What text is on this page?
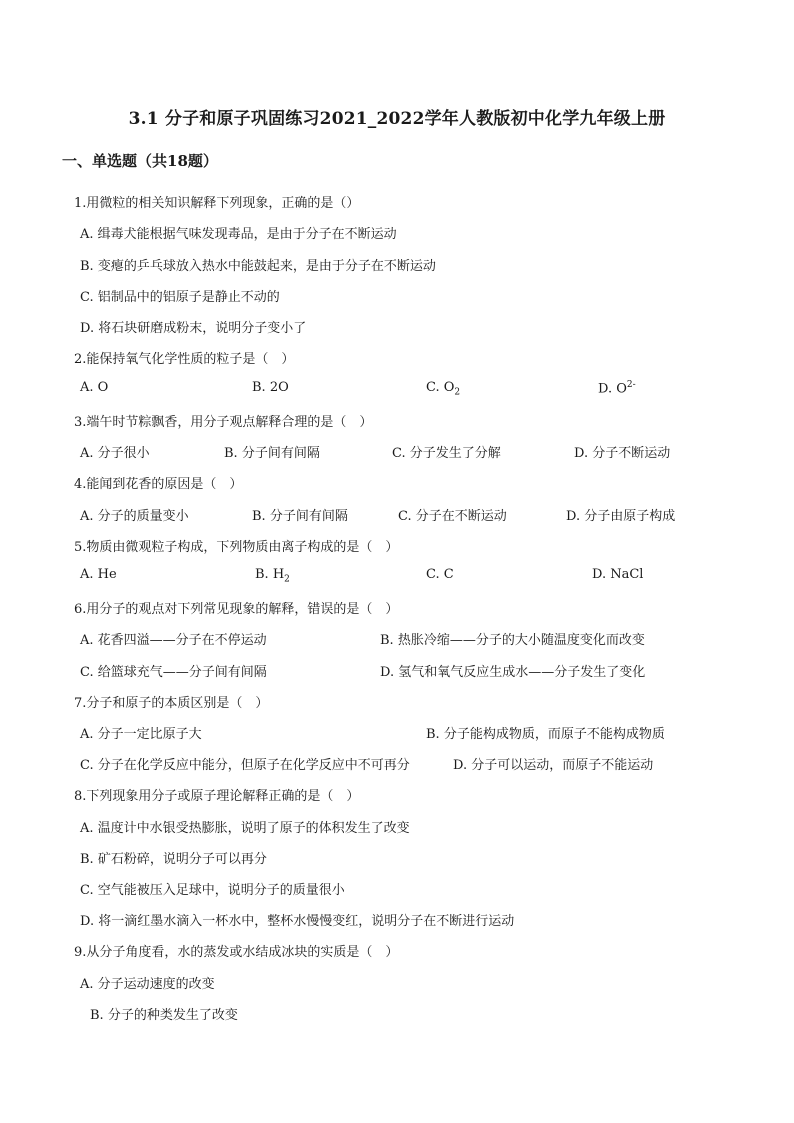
3.1 分子和原子巩固练习2021_2022学年人教版初中化学九年级上册
一、单选题（共18题）
1.用微粒的相关知识解释下列现象，正确的是（）
A. 缉毒犬能根据气味发现毒品，是由于分子在不断运动
B. 变瘪的乒乓球放入热水中能鼓起来，是由于分子在不断运动
C. 铝制品中的铝原子是静止不动的
D. 将石块研磨成粉末，说明分子变小了
2.能保持氧气化学性质的粒子是（　）
A. O	B. 2O	C. $O_2$	D. $O^{2-}$
3.端午时节粽飘香，用分子观点解释合理的是（　）
A. 分子很小	B. 分子间有间隔	C. 分子发生了分解	D. 分子不断运动
4.能闻到花香的原因是（　）
A. 分子的质量变小	B. 分子间有间隔	C. 分子在不断运动	D. 分子由原子构成
5.物质由微观粒子构成，下列物质由离子构成的是（　）
A. He	B. $H_2$	C. C	D. NaCl
6.用分子的观点对下列常见现象的解释，错误的是（　）
A. 花香四溢——分子在不停运动	B. 热胀冷缩——分子的大小随温度变化而改变
C. 给篮球充气——分子间有间隔	D. 氢气和氧气反应生成水——分子发生了变化
7.分子和原子的本质区别是（　）
A. 分子一定比原子大	B. 分子能构成物质，而原子不能构成物质
C. 分子在化学反应中能分，但原子在化学反应中不可再分	D. 分子可以运动，而原子不能运动
8.下列现象用分子或原子理论解释正确的是（　）
A. 温度计中水银受热膨胀，说明了原子的体积发生了改变
B. 矿石粉碎，说明分子可以再分
C. 空气能被压入足球中，说明分子的质量很小
D. 将一滴红墨水滴入一杯水中，整杯水慢慢变红，说明分子在不断进行运动
9.从分子角度看，水的蒸发或水结成冰块的实质是（　）
A. 分子运动速度的改变
B. 分子的种类发生了改变
